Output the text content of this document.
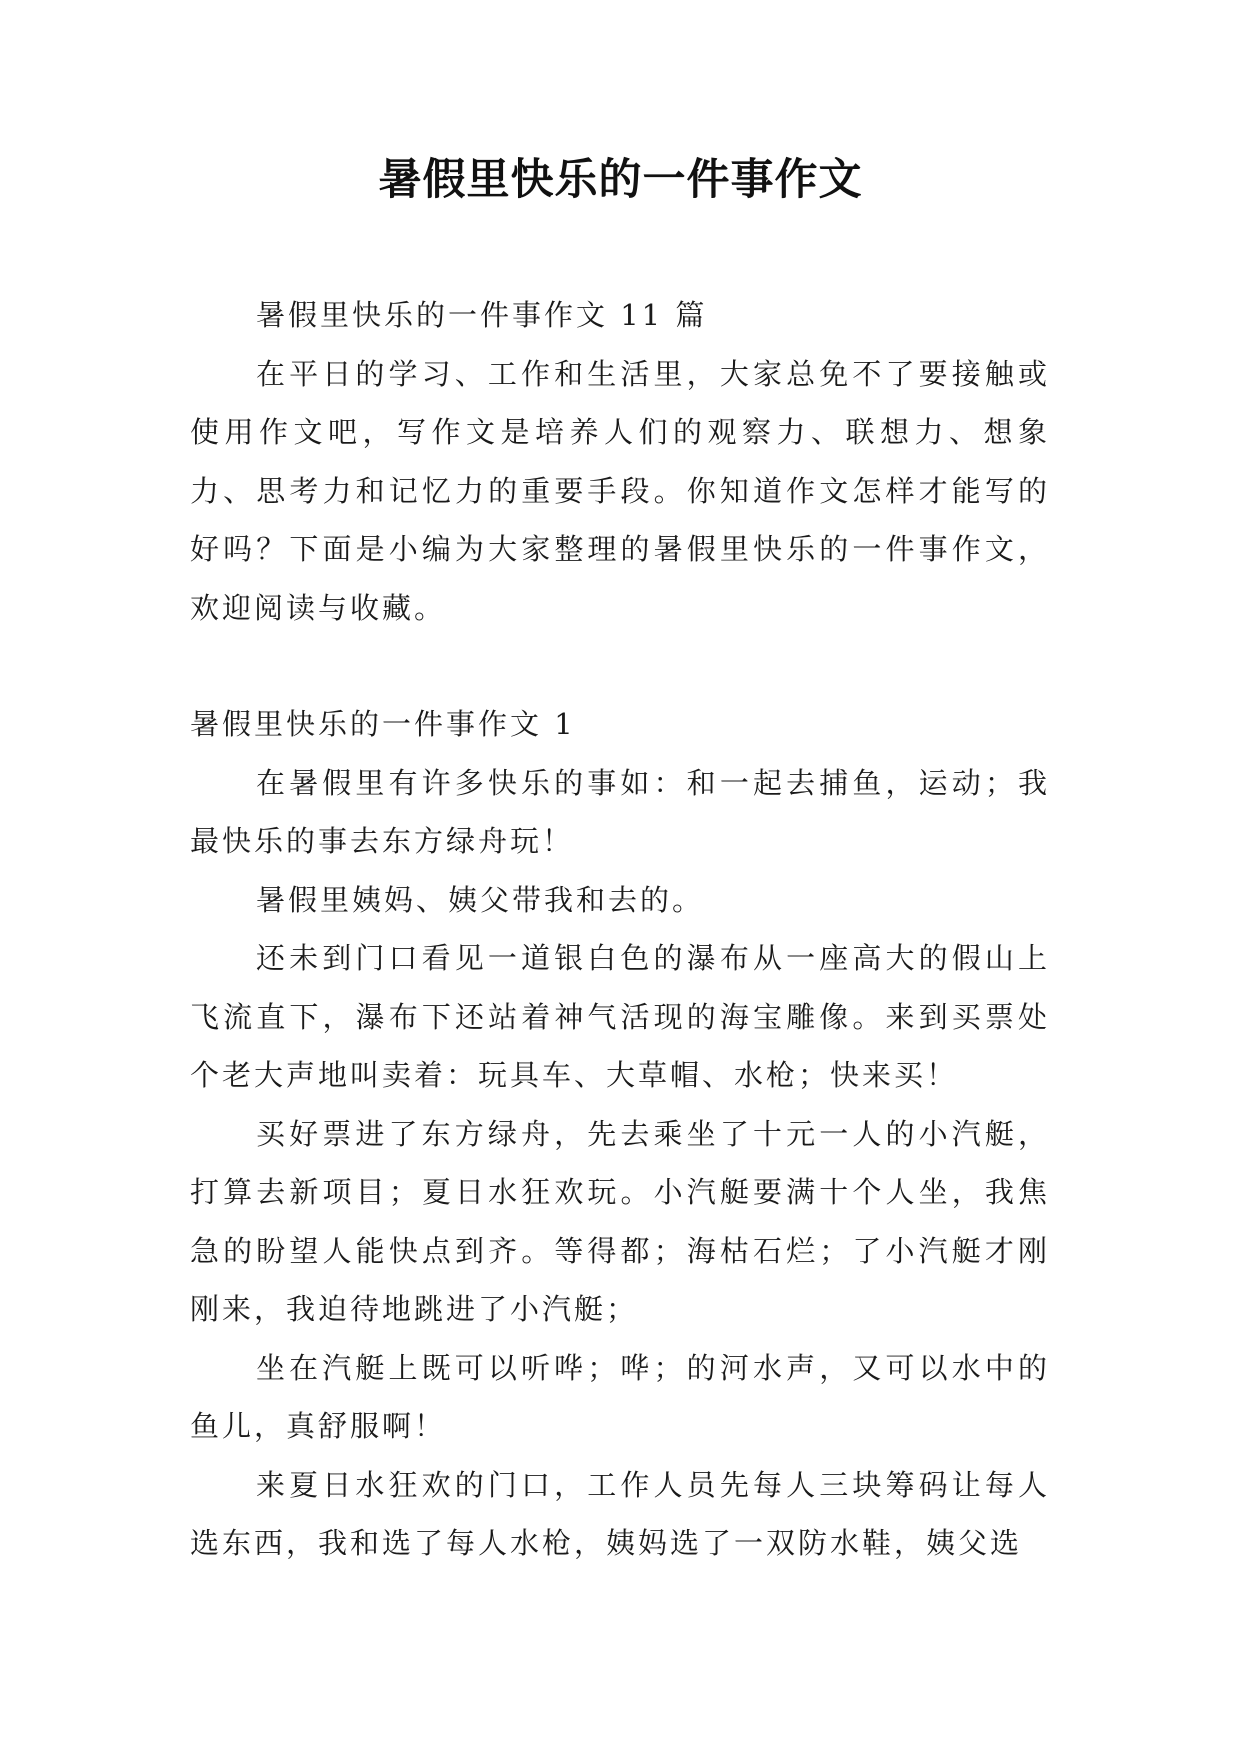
暑假里快乐的一件事作文

暑假里快乐的一件事作文 11 篇

在平日的学习、工作和生活里，大家总免不了要接触或使用作文吧，写作文是培养人们的观察力、联想力、想象力、思考力和记忆力的重要手段。你知道作文怎样才能写的好吗？下面是小编为大家整理的暑假里快乐的一件事作文，欢迎阅读与收藏。

暑假里快乐的一件事作文 1

在暑假里有许多快乐的事如：和一起去捕鱼，运动；我最快乐的事去东方绿舟玩！

暑假里姨妈、姨父带我和去的。

还未到门口看见一道银白色的瀑布从一座高大的假山上飞流直下，瀑布下还站着神气活现的海宝雕像。来到买票处个老大声地叫卖着：玩具车、大草帽、水枪；快来买！

买好票进了东方绿舟，先去乘坐了十元一人的小汽艇，打算去新项目；夏日水狂欢玩。小汽艇要满十个人坐，我焦急的盼望人能快点到齐。等得都；海枯石烂；了小汽艇才刚刚来，我迫待地跳进了小汽艇；

坐在汽艇上既可以听哗；哗；的河水声，又可以水中的鱼儿，真舒服啊！

来夏日水狂欢的门口，工作人员先每人三块筹码让每人选东西，我和选了每人水枪，姨妈选了一双防水鞋，姨父选
